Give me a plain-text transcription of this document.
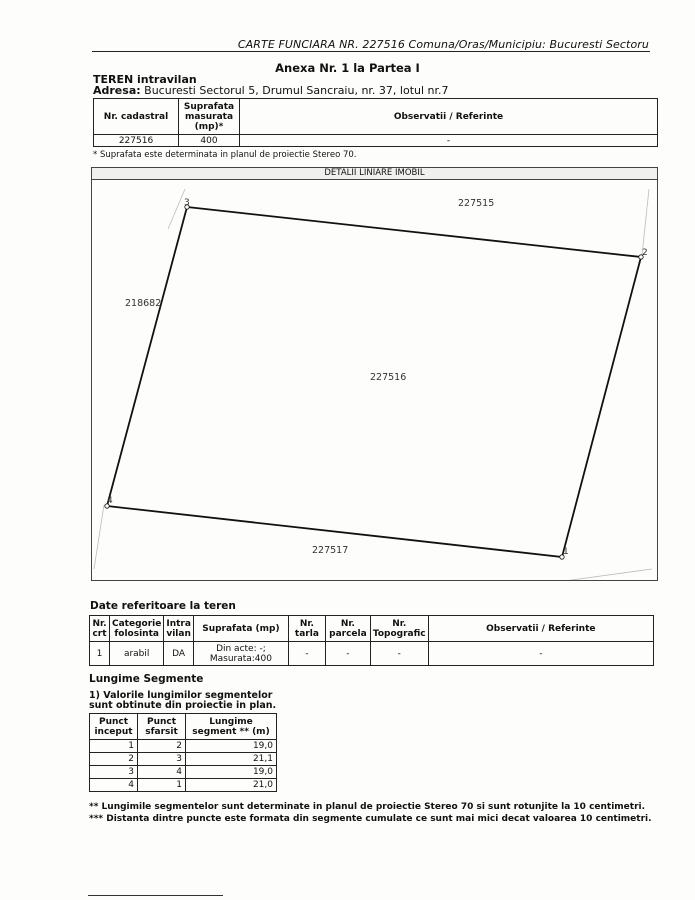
CARTE FUNCIARA NR. 227516 Comuna/Oras/Municipiu: Bucuresti Sectoru
Anexa Nr. 1 la Partea I
TEREN intravilan
Adresa: Bucuresti Sectorul 5, Drumul Sancraiu, nr. 37, lotul nr.7
Nr. cadastral	Suprafata masurata (mp)*	Observatii / Referinte
227516	400	-
* Suprafata este determinata in planul de proiectie Stereo 70.
DETALII LINIARE IMOBIL
1
2
3
4
227516
227515
218682
227517
Date referitoare la teren
Nr. crt	Categorie folosinta	Intra vilan	Suprafata (mp)	Nr. tarla	Nr. parcela	Nr. Topografic	Observatii / Referinte
1	arabil	DA	Din acte: -;
Masurata:400	-	-	-	-
Lungime Segmente
1) Valorile lungimilor segmentelor
sunt obtinute din proiectie in plan.
Punct inceput	Punct sfarsit	Lungime segment ** (m)
1	2	19,0
2	3	21,1
3	4	19,0
4	1	21,0
** Lungimile segmentelor sunt determinate in planul de proiectie Stereo 70 si sunt rotunjite la 10 centimetri.
*** Distanta dintre puncte este formata din segmente cumulate ce sunt mai mici decat valoarea 10 centimetri.
